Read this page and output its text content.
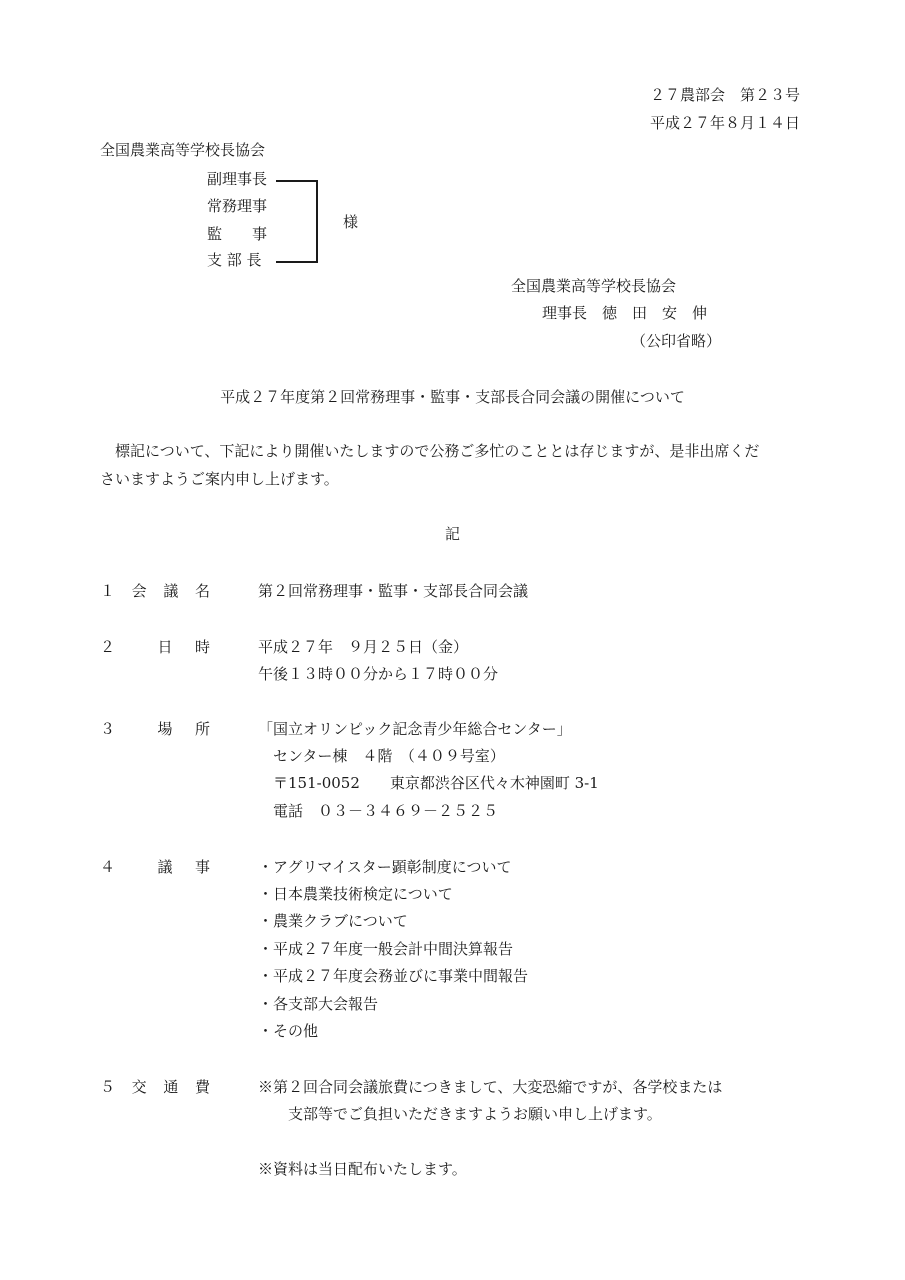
２７農部会　第２３号
平成２７年８月１４日
全国農業高等学校長協会
副理事長
常務理事
監　　事
支 部 長
様
全国農業高等学校長協会
理事長　徳　田　安　伸
（公印省略）
平成２７年度第２回常務理事・監事・支部長合同会議の開催について
　標記について、下記により開催いたしますので公務ご多忙のこととは存じますが、是非出席くだ
さいますようご案内申し上げます。
記
１ 会 議 名	第２回常務理事・監事・支部長合同会議
２	日 時	平成２７年　９月２５日（金）
午後１３時００分から１７時００分
３	場 所	「国立オリンピック記念青少年総合センター」
　センター棟　４階　（４０９号室）
　〒151-0052　　東京都渋谷区代々木神園町 3-1
　電話　０３－３４６９－２５２５
４	議 事	・アグリマイスター顕彰制度について
・日本農業技術検定について
・農業クラブについて
・平成２７年度一般会計中間決算報告
・平成２７年度会務並びに事業中間報告
・各支部大会報告
・その他
５ 交 通 費	※第２回合同会議旅費につきまして、大変恐縮ですが、各学校または
　　支部等でご負担いただきますようお願い申し上げます。
※資料は当日配布いたします。
